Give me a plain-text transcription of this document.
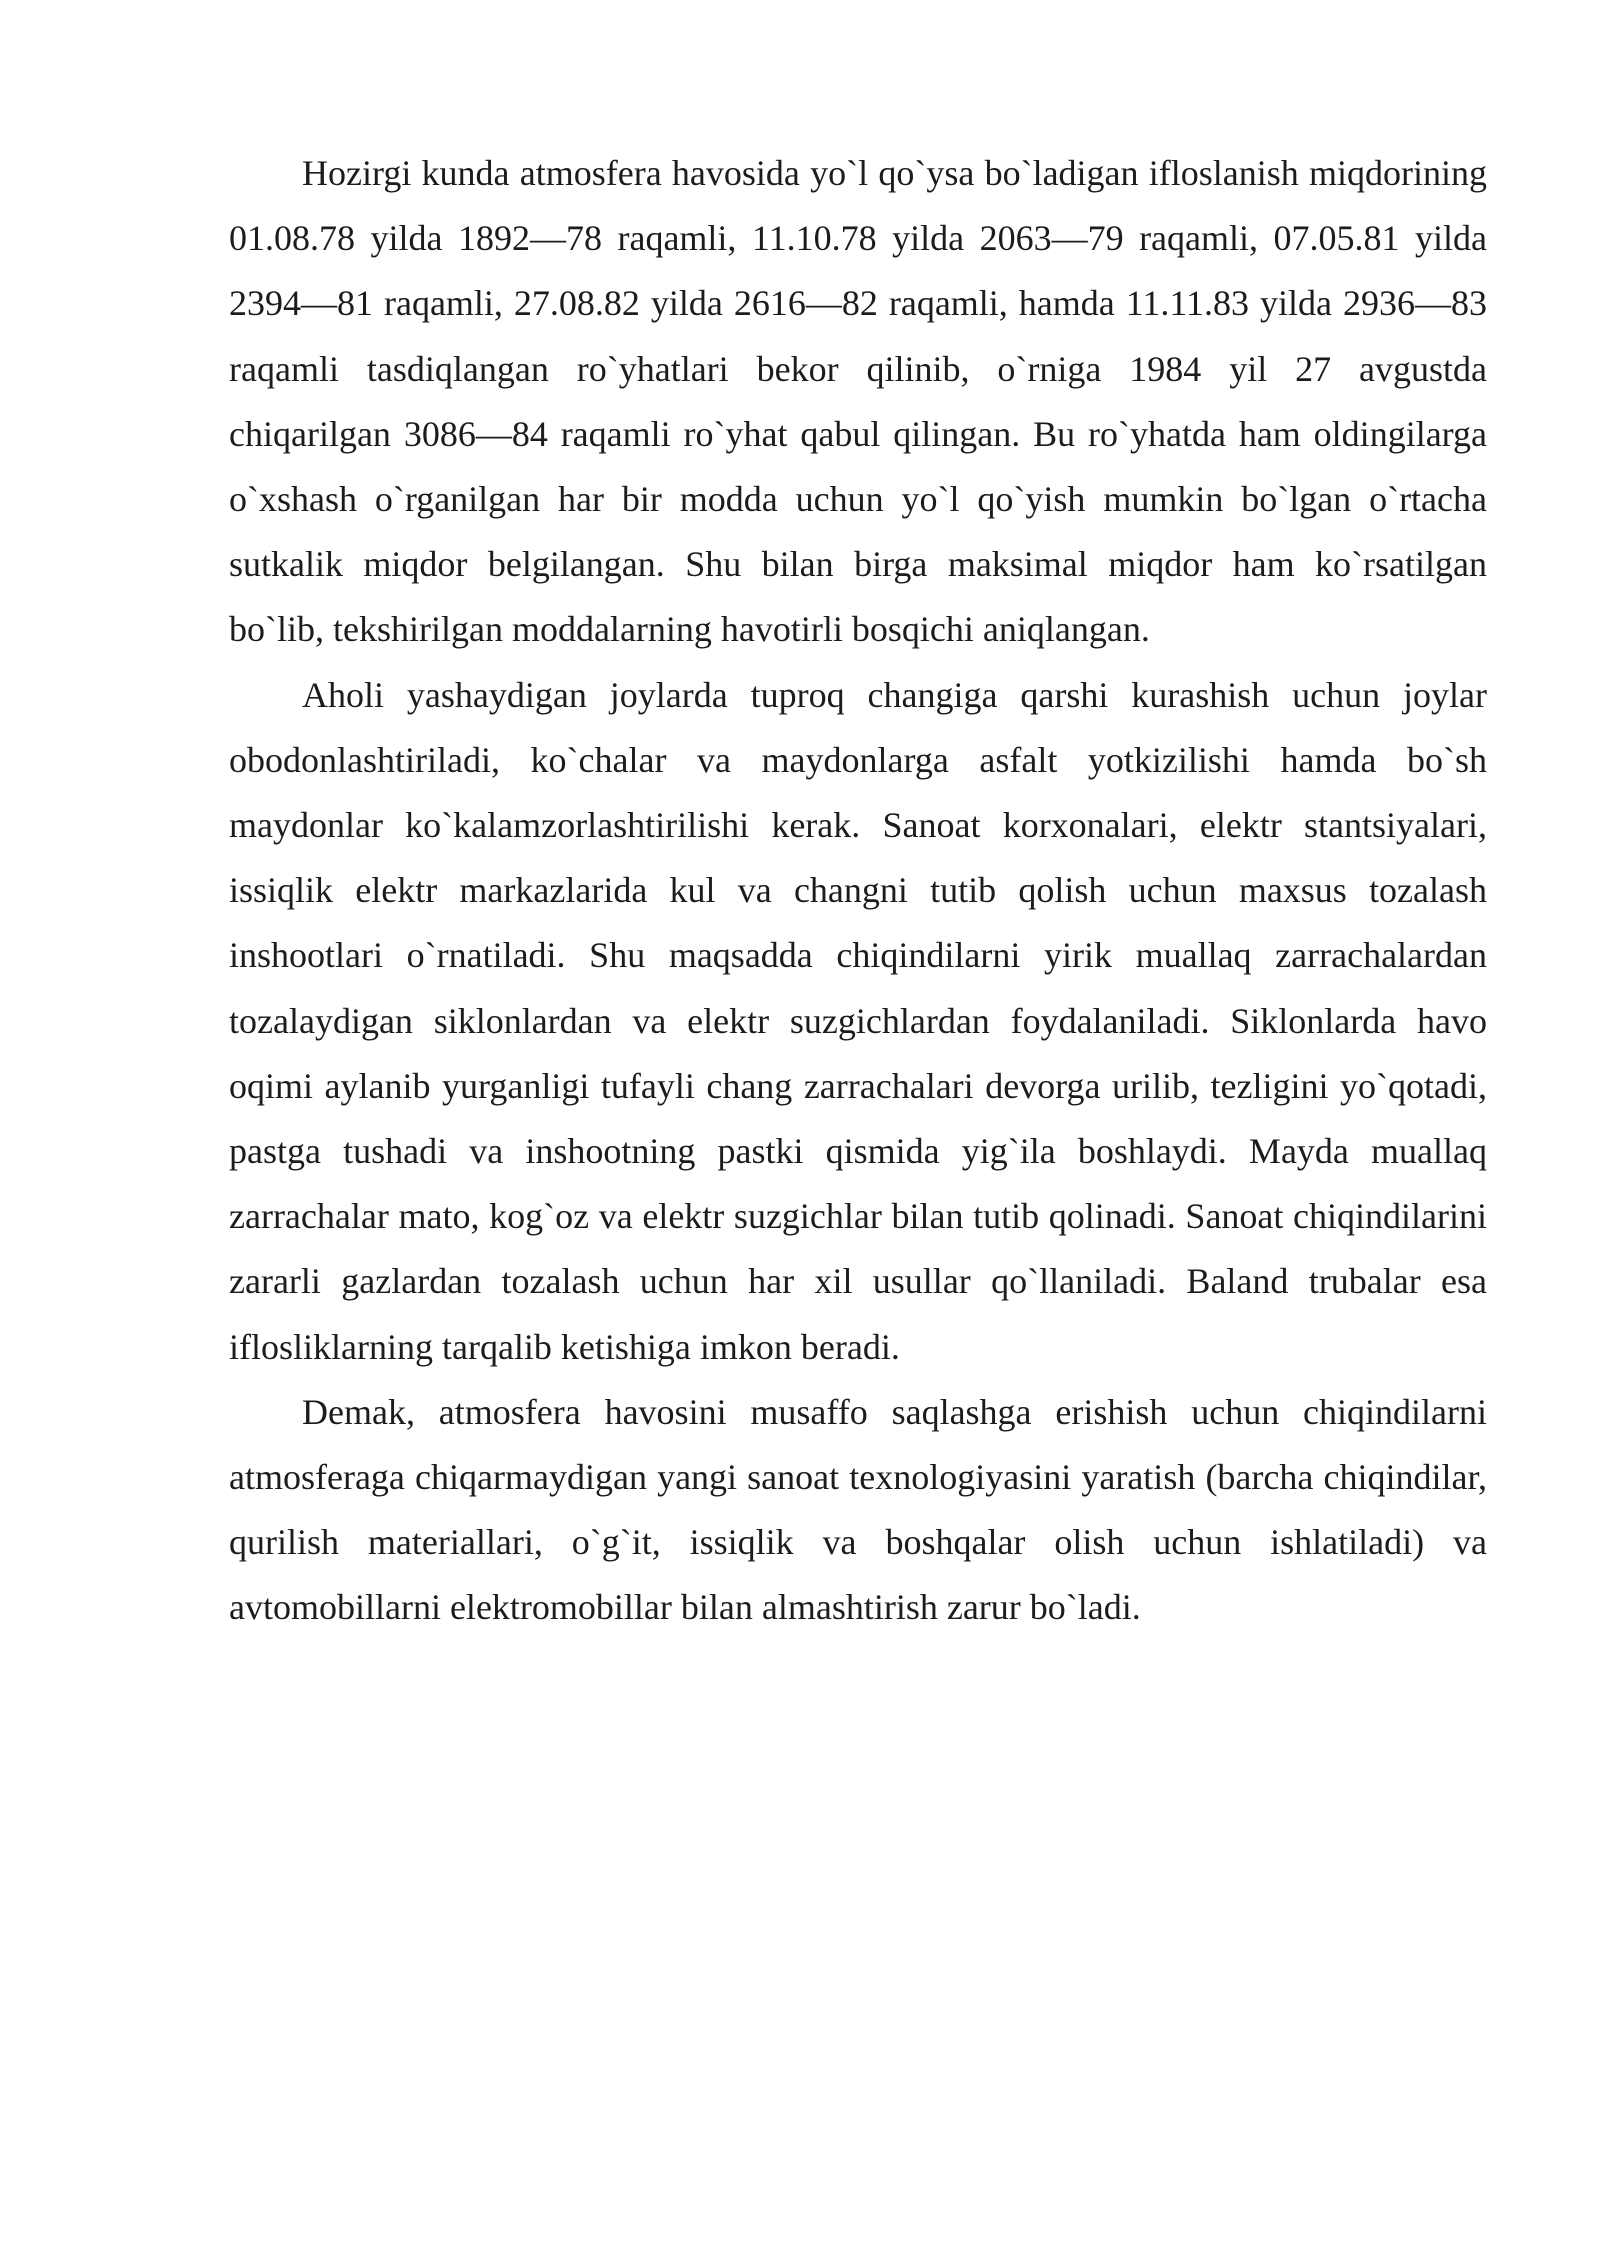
Hozirgi kunda atmosfera havosida yo`l qo`ysa bo`ladigan ifloslanish miqdorining 01.08.78 yilda 1892—78 raqamli, 11.10.78 yilda 2063—79 raqamli, 07.05.81 yilda 2394—81 raqamli, 27.08.82 yilda 2616—82 raqamli, hamda 11.11.83 yilda 2936—83 raqamli tasdiqlangan ro`yhatlari bekor qilinib, o`rniga 1984 yil 27 avgustda chiqarilgan 3086—84 raqamli ro`yhat qabul qilingan. Bu ro`yhatda ham oldingilarga o`xshash o`rganilgan har bir modda uchun yo`l qo`yish mumkin bo`lgan o`rtacha sutkalik miqdor belgilangan. Shu bilan birga maksimal miqdor ham ko`rsatilgan bo`lib, tekshirilgan moddalarning havotirli bosqichi aniqlangan.

Aholi yashaydigan joylarda tuproq changiga qarshi kurashish uchun joylar obodonlashtiriladi, ko`chalar va maydonlarga asfalt yotkizilishi hamda bo`sh maydonlar ko`kalamzorlashtirilishi kerak. Sanoat korxonalari, elektr stantsiyalari, issiqlik elektr markazlarida kul va changni tutib qolish uchun maxsus tozalash inshootlari o`rnatiladi. Shu maqsadda chiqindilarni yirik muallaq zarrachalardan tozalaydigan siklonlardan va elektr suzgichlardan foydalaniladi. Siklonlarda havo oqimi aylanib yurganligi tufayli chang zarrachalari devorga urilib, tezligini yo`qotadi, pastga tushadi va inshootning pastki qismida yig`ila boshlaydi. Mayda muallaq zarrachalar mato, kog`oz va elektr suzgichlar bilan tutib qolinadi. Sanoat chiqindilarini zararli gazlardan tozalash uchun har xil usullar qo`llaniladi. Baland trubalar esa iflosliklarning tarqalib ketishiga imkon beradi.

Demak, atmosfera havosini musaffo saqlashga erishish uchun chiqindilarni atmosferaga chiqarmaydigan yangi sanoat texnologiyasini yaratish (barcha chiqindilar, qurilish materiallari, o`g`it, issiqlik va boshqalar olish uchun ishlatiladi) va avtomobillarni elektromobillar bilan almashtirish zarur bo`ladi.
